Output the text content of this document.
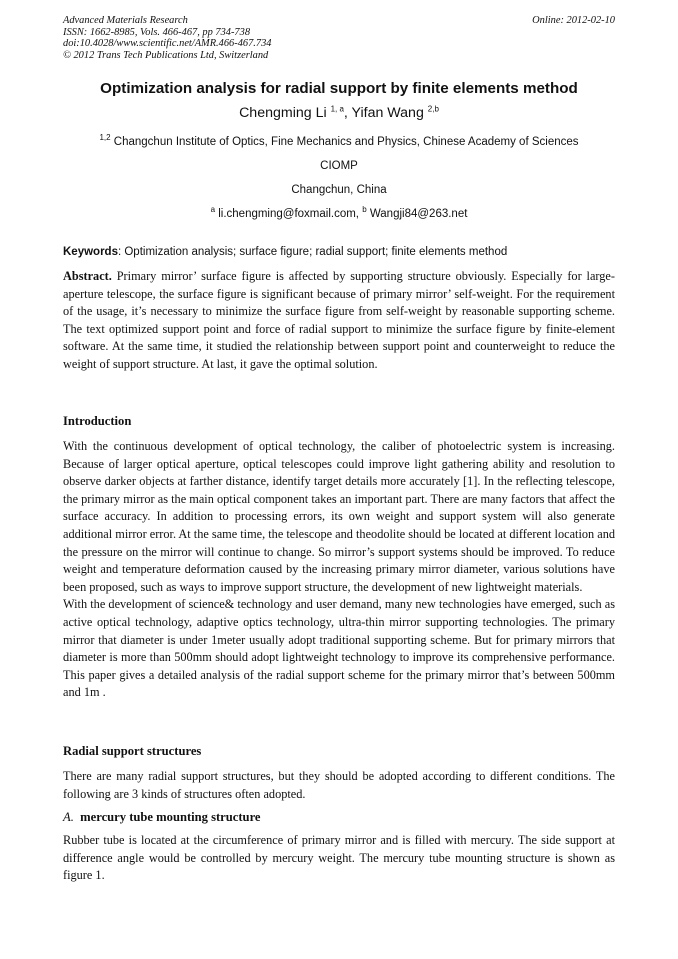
Advanced Materials Research
ISSN: 1662-8985, Vols. 466-467, pp 734-738
doi:10.4028/www.scientific.net/AMR.466-467.734
© 2012 Trans Tech Publications Ltd, Switzerland
Online: 2012-02-10
Optimization analysis for radial support by finite elements method
Chengming Li $^{1, a}$, Yifan Wang $^{2,b}$
$^{1,2}$ Changchun Institute of Optics, Fine Mechanics and Physics, Chinese Academy of Sciences
CIOMP
Changchun, China
$^a$ li.chengming@foxmail.com, $^b$ Wangji84@263.net
Keywords: Optimization analysis; surface figure; radial support; finite elements method

Abstract. Primary mirror’ surface figure is affected by supporting structure obviously. Especially for large-aperture telescope, the surface figure is significant because of primary mirror’ self-weight. For the requirement of the usage, it’s necessary to minimize the surface figure from self-weight by reasonable supporting scheme. The text optimized support point and force of radial support to minimize the surface figure by finite-element software. At the same time, it studied the relationship between support point and counterweight to reduce the weight of support structure. At last, it gave the optimal solution.

Introduction

With the continuous development of optical technology, the caliber of photoelectric system is increasing. Because of larger optical aperture, optical telescopes could improve light gathering ability and resolution to observe darker objects at farther distance, identify target details more accurately [1]. In the reflecting telescope, the primary mirror as the main optical component takes an important part. There are many factors that affect the surface accuracy. In addition to processing errors, its own weight and support system will also generate additional mirror error. At the same time, the telescope and theodolite should be located at different location and the pressure on the mirror will continue to change. So mirror’s support systems should be improved. To reduce weight and temperature deformation caused by the increasing primary mirror diameter, various solutions have been proposed, such as ways to improve support structure, the development of new lightweight materials.

With the development of science& technology and user demand, many new technologies have emerged, such as active optical technology, adaptive optics technology, ultra-thin mirror supporting technologies. The primary mirror that diameter is under 1meter usually adopt traditional supporting scheme. But for primary mirrors that diameter is more than 500mm should adopt lightweight technology to improve its comprehensive performance. This paper gives a detailed analysis of the radial support scheme for the primary mirror that’s between 500mm and 1m .

Radial support structures
There are many radial support structures, but they should be adopted according to different conditions. The following are 3 kinds of structures often adopted.
A. mercury tube mounting structure
Rubber tube is located at the circumference of primary mirror and is filled with mercury. The side support at difference angle would be controlled by mercury weight. The mercury tube mounting structure is shown as figure 1.
